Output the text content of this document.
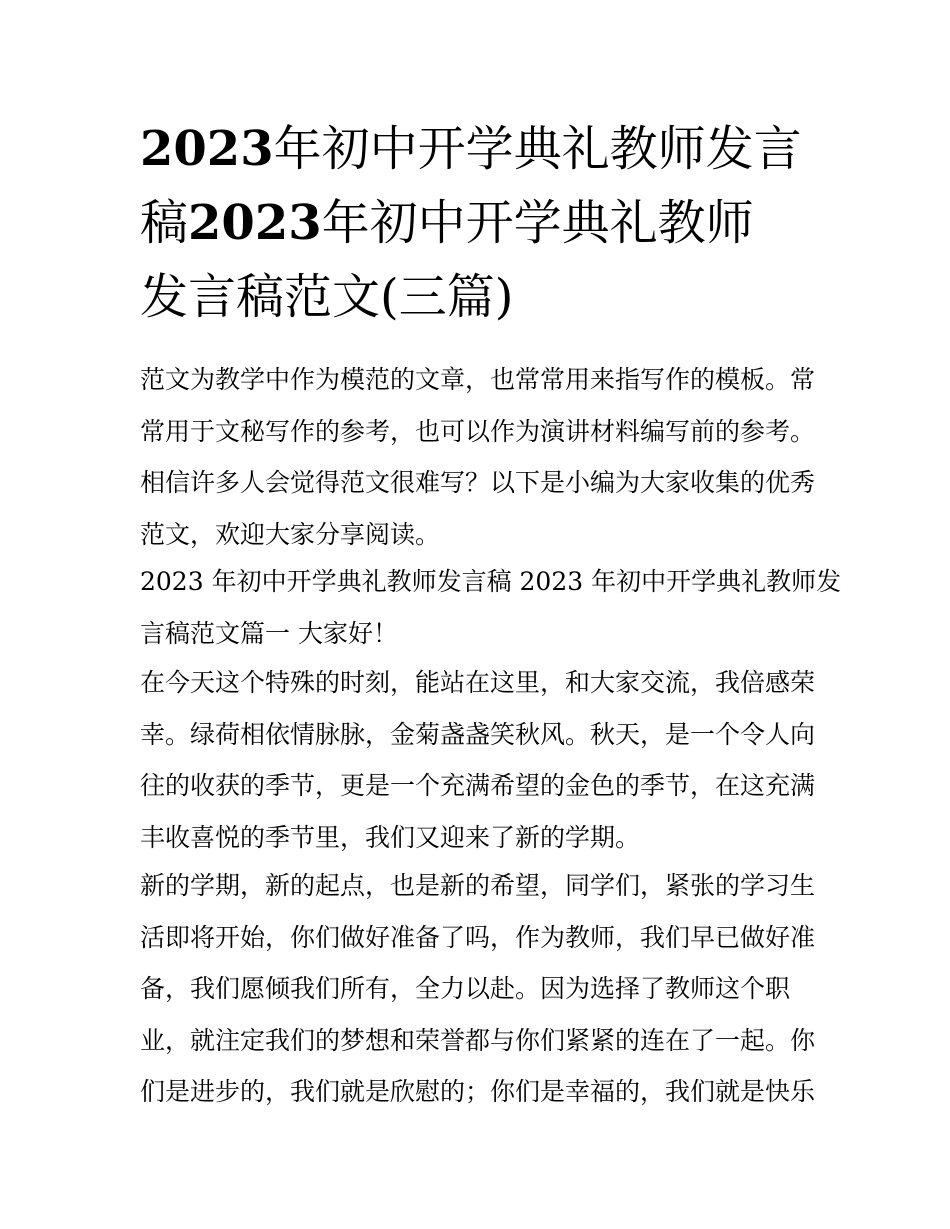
2023年初中开学典礼教师发言
稿2023年初中开学典礼教师
发言稿范文(三篇)
范文为教学中作为模范的文章，也常常用来指写作的模板。常
常用于文秘写作的参考，也可以作为演讲材料编写前的参考。
相信许多人会觉得范文很难写？以下是小编为大家收集的优秀
范文，欢迎大家分享阅读。
2023 年初中开学典礼教师发言稿 2023 年初中开学典礼教师发
言稿范文篇一 大家好！
在今天这个特殊的时刻，能站在这里，和大家交流，我倍感荣
幸。绿荷相依情脉脉，金菊盏盏笑秋风。秋天，是一个令人向
往的收获的季节，更是一个充满希望的金色的季节，在这充满
丰收喜悦的季节里，我们又迎来了新的学期。
新的学期，新的起点，也是新的希望，同学们，紧张的学习生
活即将开始，你们做好准备了吗，作为教师，我们早已做好准
备，我们愿倾我们所有，全力以赴。因为选择了教师这个职
业，就注定我们的梦想和荣誉都与你们紧紧的连在了一起。你
们是进步的，我们就是欣慰的；你们是幸福的，我们就是快乐
